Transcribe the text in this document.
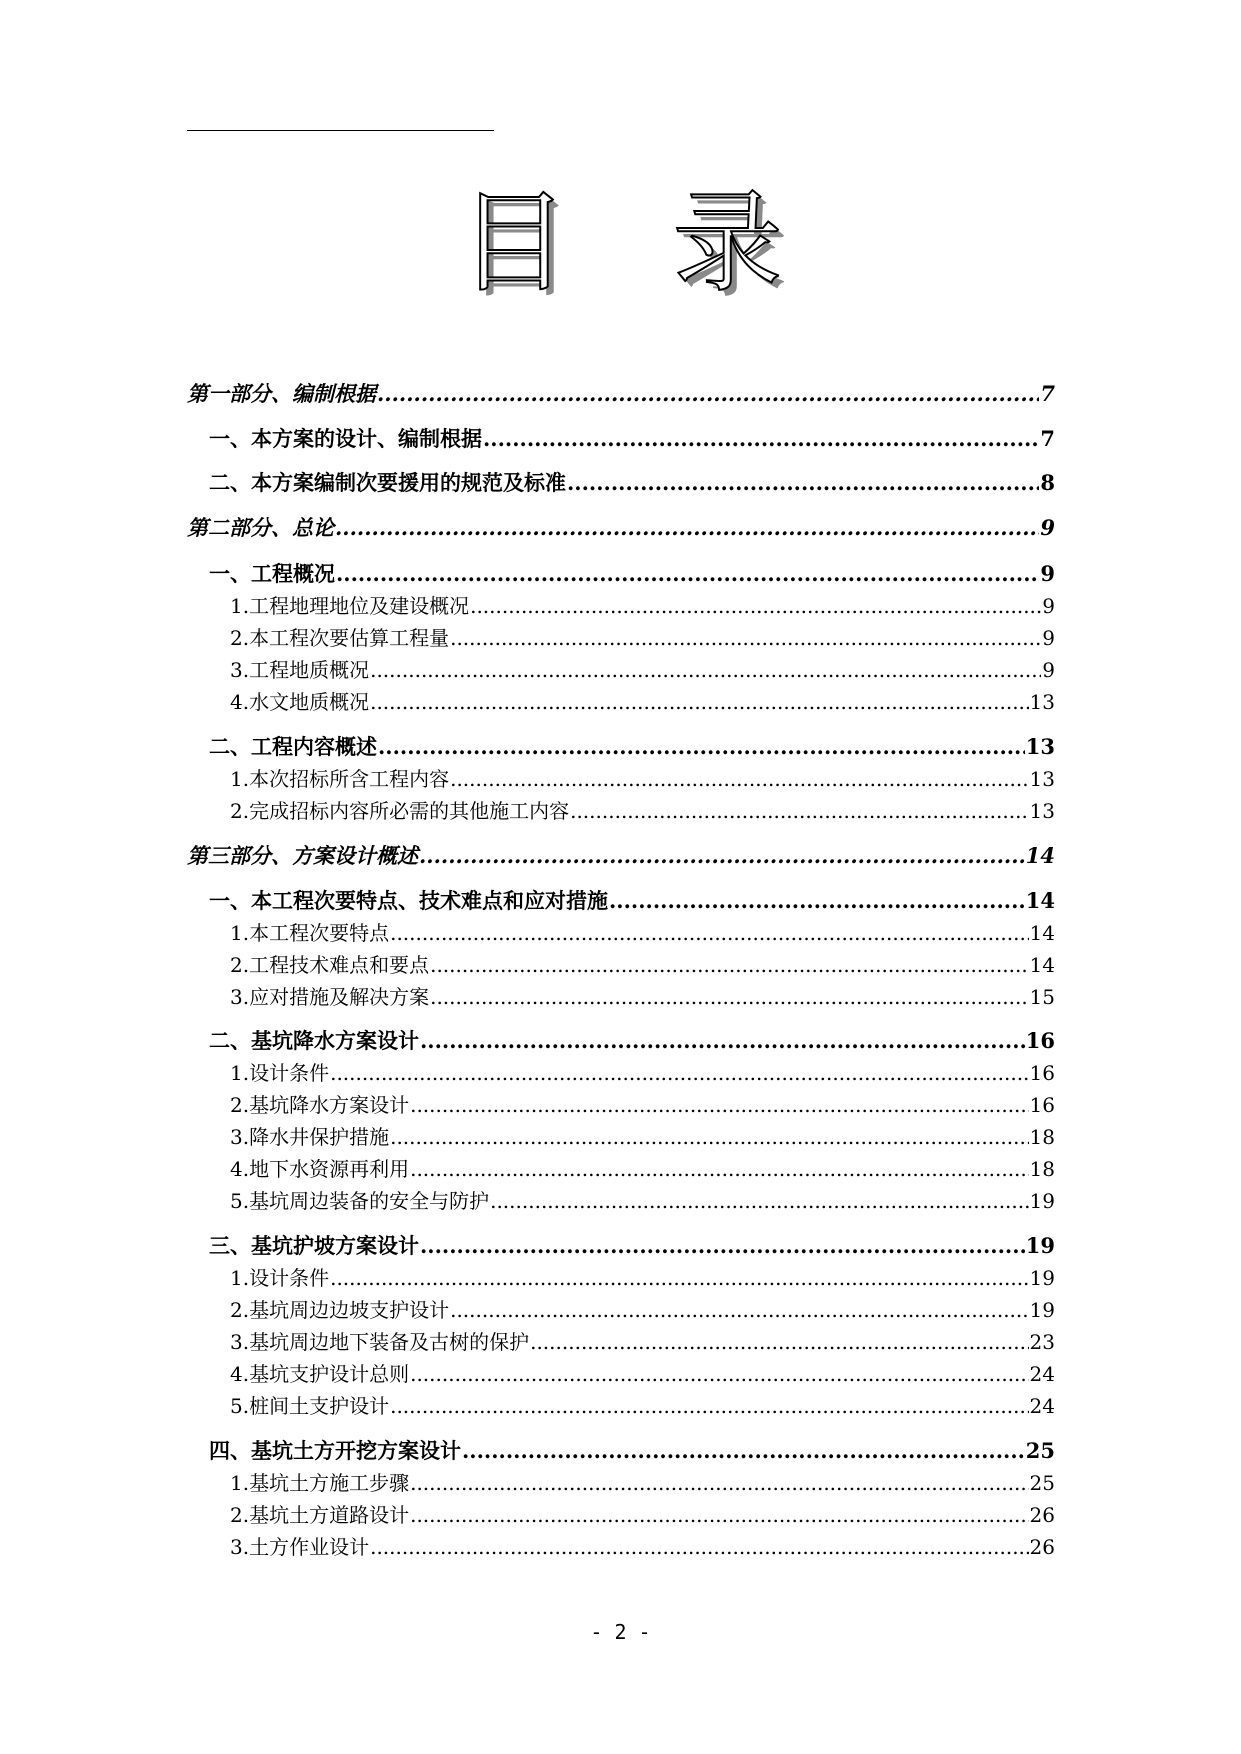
目 录
第一部分、编制根据 .....	7
一、本方案的设计、编制根据 .....	7
二、本方案编制次要援用的规范及标准 .....	8
第二部分、总论 .....	9
一、工程概况 .....	9
1.工程地理地位及建设概况 .....	9
2.本工程次要估算工程量 .....	9
3.工程地质概况 .....	9
4.水文地质概况 .....	13
二、工程内容概述 .....	13
1.本次招标所含工程内容 .....	13
2.完成招标内容所必需的其他施工内容 .....	13
第三部分、方案设计概述 .....	14
一、本工程次要特点、技术难点和应对措施 .....	14
1.本工程次要特点 .....	14
2.工程技术难点和要点 .....	14
3.应对措施及解决方案 .....	15
二、基坑降水方案设计 .....	16
1.设计条件 .....	16
2.基坑降水方案设计 .....	16
3.降水井保护措施 .....	18
4.地下水资源再利用 .....	18
5.基坑周边装备的安全与防护 .....	19
三、基坑护坡方案设计 .....	19
1.设计条件 .....	19
2.基坑周边边坡支护设计 .....	19
3.基坑周边地下装备及古树的保护 .....	23
4.基坑支护设计总则 .....	24
5.桩间土支护设计 .....	24
四、基坑土方开挖方案设计 .....	25
1.基坑土方施工步骤 .....	25
2.基坑土方道路设计 .....	26
3.土方作业设计 .....	26
- 2 -
